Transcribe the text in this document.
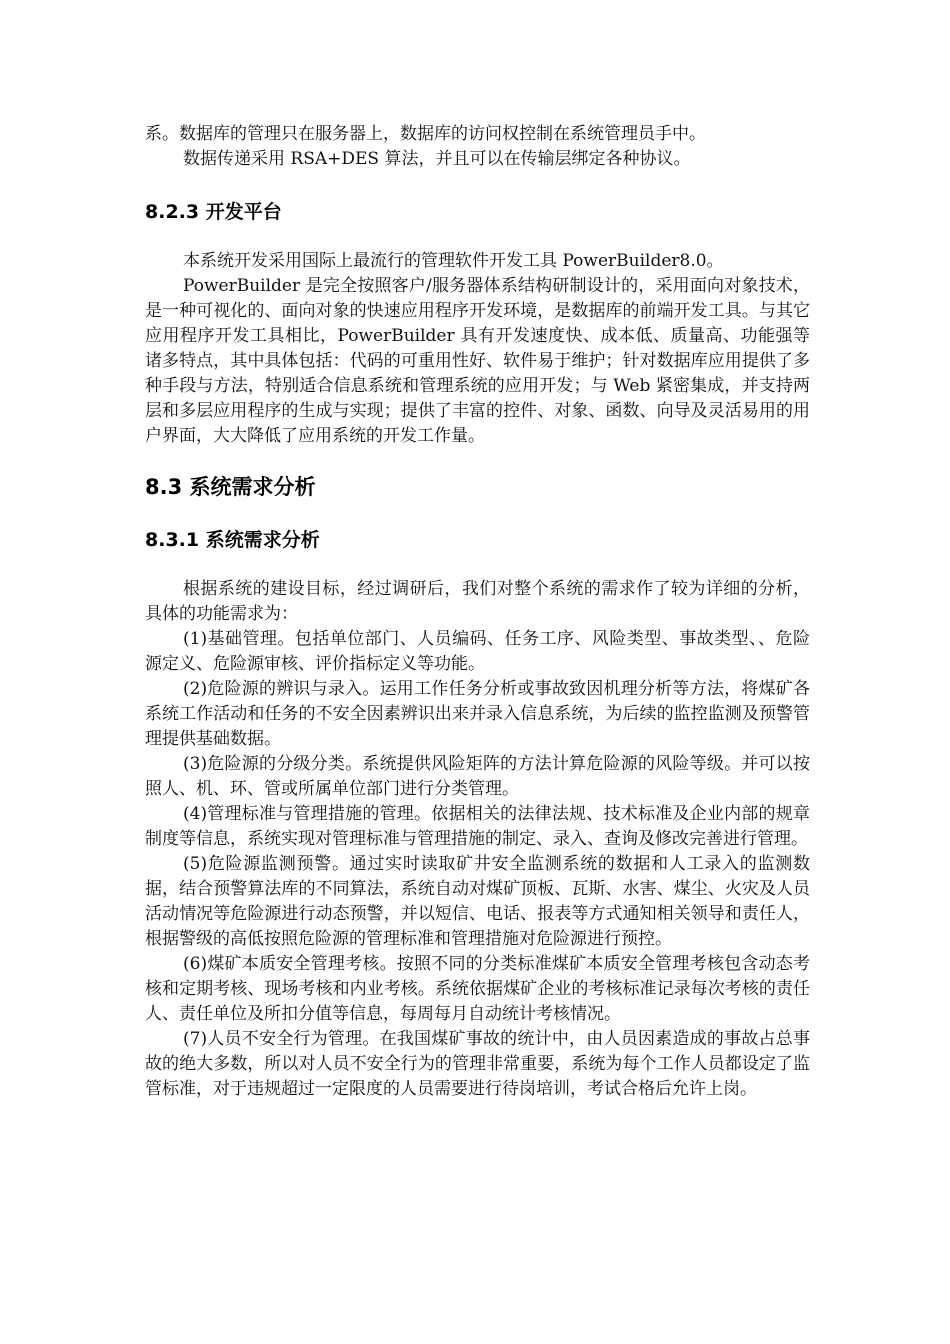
系。数据库的管理只在服务器上，数据库的访问权控制在系统管理员手中。

数据传递采用 RSA+DES 算法，并且可以在传输层绑定各种协议。

8.2.3 开发平台

本系统开发采用国际上最流行的管理软件开发工具 PowerBuilder8.0。

PowerBuilder 是完全按照客户/服务器体系结构研制设计的，采用面向对象技术，是一种可视化的、面向对象的快速应用程序开发环境，是数据库的前端开发工具。与其它应用程序开发工具相比，PowerBuilder 具有开发速度快、成本低、质量高、功能强等诸多特点，其中具体包括：代码的可重用性好、软件易于维护；针对数据库应用提供了多种手段与方法，特别适合信息系统和管理系统的应用开发；与 Web 紧密集成，并支持两层和多层应用程序的生成与实现；提供了丰富的控件、对象、函数、向导及灵活易用的用户界面，大大降低了应用系统的开发工作量。

8.3 系统需求分析
8.3.1 系统需求分析

根据系统的建设目标，经过调研后，我们对整个系统的需求作了较为详细的分析，具体的功能需求为：

(1)基础管理。包括单位部门、人员编码、任务工序、风险类型、事故类型、、危险源定义、危险源审核、评价指标定义等功能。

(2)危险源的辨识与录入。运用工作任务分析或事故致因机理分析等方法，将煤矿各系统工作活动和任务的不安全因素辨识出来并录入信息系统，为后续的监控监测及预警管理提供基础数据。

(3)危险源的分级分类。系统提供风险矩阵的方法计算危险源的风险等级。并可以按照人、机、环、管或所属单位部门进行分类管理。

(4)管理标准与管理措施的管理。依据相关的法律法规、技术标准及企业内部的规章制度等信息，系统实现对管理标准与管理措施的制定、录入、查询及修改完善进行管理。

(5)危险源监测预警。通过实时读取矿井安全监测系统的数据和人工录入的监测数据，结合预警算法库的不同算法，系统自动对煤矿顶板、瓦斯、水害、煤尘、火灾及人员活动情况等危险源进行动态预警，并以短信、电话、报表等方式通知相关领导和责任人，根据警级的高低按照危险源的管理标准和管理措施对危险源进行预控。

(6)煤矿本质安全管理考核。按照不同的分类标准煤矿本质安全管理考核包含动态考核和定期考核、现场考核和内业考核。系统依据煤矿企业的考核标准记录每次考核的责任人、责任单位及所扣分值等信息，每周每月自动统计考核情况。

(7)人员不安全行为管理。在我国煤矿事故的统计中，由人员因素造成的事故占总事故的绝大多数，所以对人员不安全行为的管理非常重要，系统为每个工作人员都设定了监管标准，对于违规超过一定限度的人员需要进行待岗培训，考试合格后允许上岗。
